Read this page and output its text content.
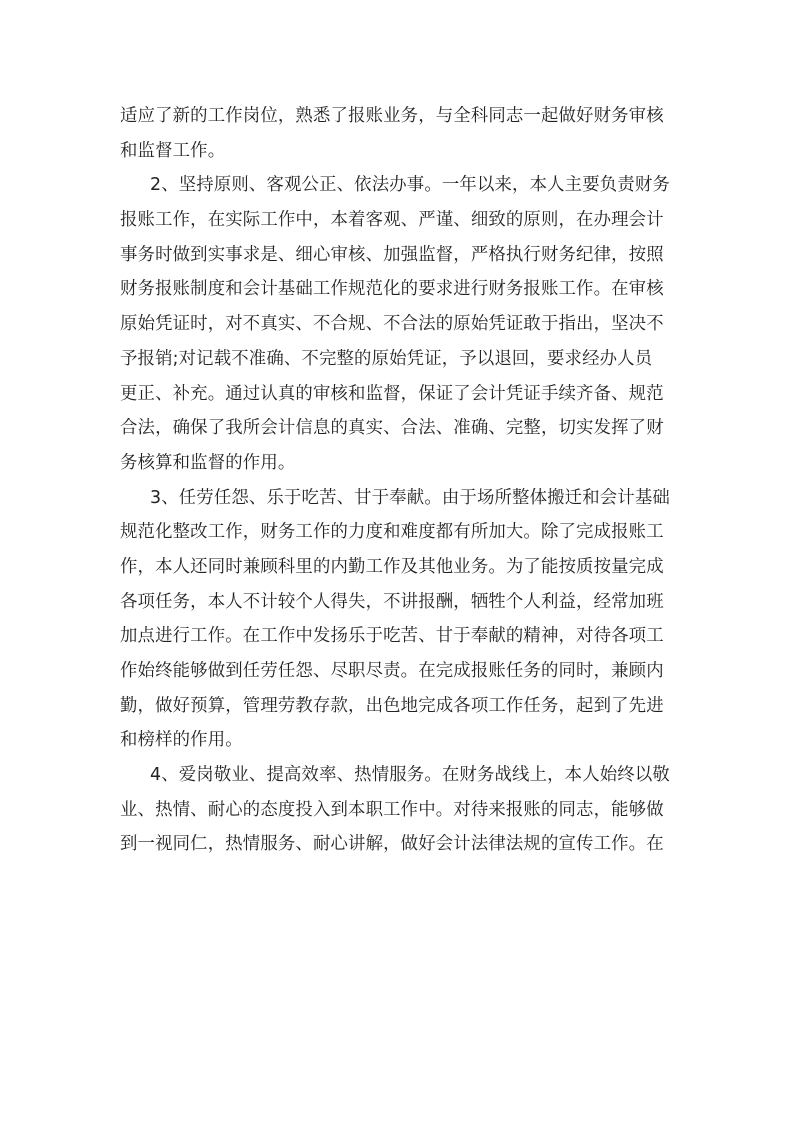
适应了新的工作岗位，熟悉了报账业务，与全科同志一起做好财务审核
和监督工作。
2、坚持原则、客观公正、依法办事。一年以来，本人主要负责财务
报账工作，在实际工作中，本着客观、严谨、细致的原则，在办理会计
事务时做到实事求是、细心审核、加强监督，严格执行财务纪律，按照
财务报账制度和会计基础工作规范化的要求进行财务报账工作。在审核
原始凭证时，对不真实、不合规、不合法的原始凭证敢于指出，坚决不
予报销;对记载不准确、不完整的原始凭证，予以退回，要求经办人员
更正、补充。通过认真的审核和监督，保证了会计凭证手续齐备、规范
合法，确保了我所会计信息的真实、合法、准确、完整，切实发挥了财
务核算和监督的作用。
3、任劳任怨、乐于吃苦、甘于奉献。由于场所整体搬迁和会计基础
规范化整改工作，财务工作的力度和难度都有所加大。除了完成报账工
作，本人还同时兼顾科里的内勤工作及其他业务。为了能按质按量完成
各项任务，本人不计较个人得失，不讲报酬，牺牲个人利益，经常加班
加点进行工作。在工作中发扬乐于吃苦、甘于奉献的精神，对待各项工
作始终能够做到任劳任怨、尽职尽责。在完成报账任务的同时，兼顾内
勤，做好预算，管理劳教存款，出色地完成各项工作任务，起到了先进
和榜样的作用。
4、爱岗敬业、提高效率、热情服务。在财务战线上，本人始终以敬
业、热情、耐心的态度投入到本职工作中。对待来报账的同志，能够做
到一视同仁，热情服务、耐心讲解，做好会计法律法规的宣传工作。在
